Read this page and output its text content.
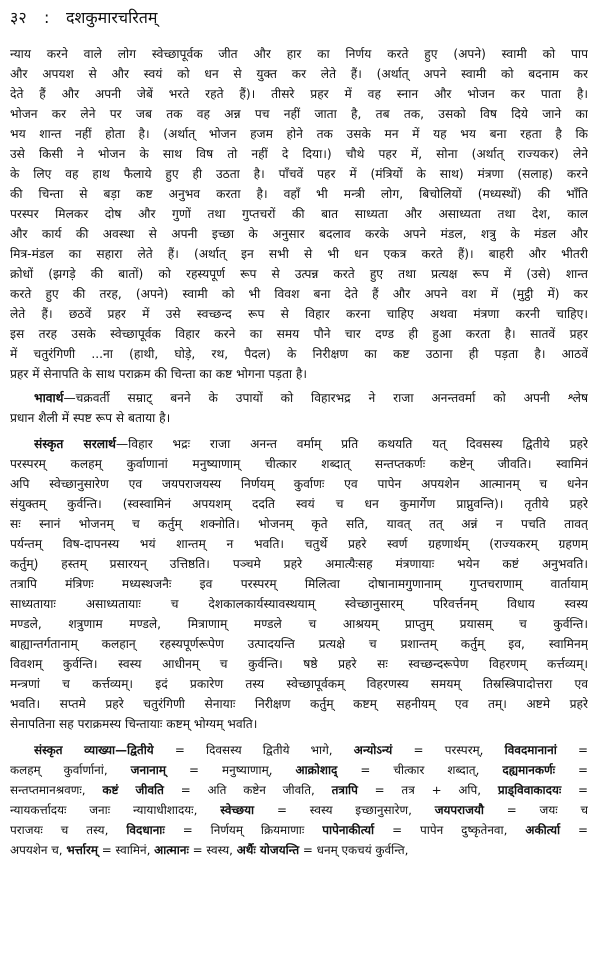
३२ : दशकुमारचरितम्
न्याय करने वाले लोग स्वेच्छापूर्वक जीत और हार का निर्णय करते हुए (अपने) स्वामी को पाप
और अपयश से और स्वयं को धन से युक्त कर लेते हैं। (अर्थात् अपने स्वामी को बदनाम कर
देते हैं और अपनी जेबें भरते रहते हैं)। तीसरे प्रहर में वह स्नान और भोजन कर पाता है।
भोजन कर लेने पर जब तक वह अन्न पच नहीं जाता है, तब तक, उसको विष दिये जाने का
भय शान्त नहीं होता है। (अर्थात् भोजन हजम होने तक उसके मन में यह भय बना रहता है कि
उसे किसी ने भोजन के साथ विष तो नहीं दे दिया।) चौथे पहर में, सोना (अर्थात् राज्यकर) लेने
के लिए वह हाथ फैलाये हुए ही उठता है। पाँचवें पहर में (मंत्रियों के साथ) मंत्रणा (सलाह) करने
की चिन्ता से बड़ा कष्ट अनुभव करता है। वहाँ भी मन्त्री लोग, बिचोलियों (मध्यस्थों) की भाँति
परस्पर मिलकर दोष और गुणों तथा गुप्तचरों की बात साध्यता और असाध्यता तथा देश, काल
और कार्य की अवस्था से अपनी इच्छा के अनुसार बदलाव करके अपने मंडल, शत्रु के मंडल और
मित्र-मंडल का सहारा लेते हैं। (अर्थात् इन सभी से भी धन एकत्र करते हैं)। बाहरी और भीतरी
क्रोधों (झगड़े की बातों) को रहस्यपूर्ण रूप से उत्पन्न करते हुए तथा प्रत्यक्ष रूप में (उसे) शान्त
करते हुए की तरह, (अपने) स्वामी को भी विवश बना देते हैं और अपने वश में (मुट्ठी में) कर
लेते हैं। छठवें प्रहर में उसे स्वच्छन्द रूप से विहार करना चाहिए अथवा मंत्रणा करनी चाहिए।
इस तरह उसके स्वेच्छापूर्वक विहार करने का समय पौने चार दण्ड ही हुआ करता है। सातवें प्रहर
में चतुरंगिणी ...ना (हाथी, घोड़े, रथ, पैदल) के निरीक्षण का कष्ट उठाना ही पड़ता है। आठवें
प्रहर में सेनापति के साथ पराक्रम की चिन्ता का कष्ट भोगना पड़ता है।
भावार्थ—चक्रवर्ती सम्राट् बनने के उपायों को विहारभद्र ने राजा अनन्तवर्मा को अपनी श्लेष
प्रधान शैली में स्पष्ट रूप से बताया है।
संस्कृत सरलार्थ—विहार भद्रः राजा अनन्त वर्माम् प्रति कथयति यत् दिवसस्य द्वितीये प्रहरे
परस्परम् कलहम् कुर्वाणानां मनुष्याणाम् चीत्कार शब्दात् सन्तप्तकर्णः कष्टेन् जीवति। स्वामिनं
अपि स्वेच्छानुसारेण एव जयपराजयस्य निर्णयम् कुर्वाणः एव पापेन अपयशेन आत्मानम् च धनेन
संयुक्तम् कुर्वन्ति। (स्वस्वामिनं अपयशम् ददति स्वयं च धन कुमार्गेण प्राप्नुवन्ति)। तृतीये प्रहरे
सः स्नानं भोजनम् च कर्तुम् शक्नोति। भोजनम् कृते सति, यावत् तत् अन्नं न पचति तावत्
पर्यन्तम् विष-दापनस्य भयं शान्तम् न भवति। चतुर्थे प्रहरे स्वर्ण ग्रहणार्थम् (राज्यकरम् ग्रहणम्
कर्तुम्) हस्तम् प्रसारयन् उत्तिष्ठति। पञ्चमे प्रहरे अमात्यैःसह मंत्रणायाः भयेन कष्टं अनुभवति।
तत्रापि मंत्रिणः मध्यस्थजनैः इव परस्परम् मिलित्वा दोषानामगुणानाम् गुप्तचराणाम् वार्तायाम्
साध्यतायाः असाध्यतायाः च देशकालकार्यस्यावस्थयाम् स्वेच्छानुसारम् परिवर्त्तनम् विधाय स्वस्य
मण्डले, शत्रुणाम मण्डले, मित्राणाम् मण्डले च आश्रयम् प्राप्तुम् प्रयासम् च कुर्वन्ति।
बाह्यान्तर्गतानाम् कलहान् रहस्यपूर्णरूपेण उत्पादयन्ति प्रत्यक्षे च प्रशान्तम् कर्तुम् इव, स्वामिनम्
विवशम् कुर्वन्ति। स्वस्य आधीनम् च कुर्वन्ति। षष्ठे प्रहरे सः स्वच्छन्दरूपेण विहरणम् कर्त्तव्यम्।
मन्त्रणां च कर्त्तव्यम्। इदं प्रकारेण तस्य स्वेच्छापूर्वकम् विहरणस्य समयम् तिस्रस्त्रिपादोत्तरा एव
भवति। सप्तमे प्रहरे चतुरंगिणी सेनायाः निरीक्षण कर्तुम् कष्टम् सहनीयम् एव तम्। अष्टमे प्रहरे
सेनापतिना सह पराक्रमस्य चिन्तायाः कष्टम् भोग्यम् भवति।
संस्कृत व्याख्या—द्वितीये = दिवसस्य द्वितीये भागे, अन्योऽन्यं = परस्परम्, विवदमानानां =
कलहम् कुर्वार्णानां, जनानाम् = मनुष्याणाम्, आक्रोशाद् = चीत्कार शब्दात्, दह्यमानकर्णः =
सन्तप्तमानश्रवणः, कष्टं जीवति = अति कष्टेन जीवति, तत्रापि = तत्र + अपि, प्राड्विवाकादयः =
न्यायकर्त्तादयः जनाः न्यायाधीशादयः, स्वेच्छया = स्वस्य इच्छानुसारेण, जयपराजयौ = जयः च
पराजयः च तस्य, विदधानाः = निर्णयम् क्रियमाणाः पापेनाकीर्त्या = पापेन दुष्कृतेनवा, अकीर्त्या =
अपयशेन च, भर्त्तारम् = स्वामिनं, आत्मानः = स्वस्य, अर्थैः योजयन्ति = धनम् एकचयं कुर्वन्ति,
